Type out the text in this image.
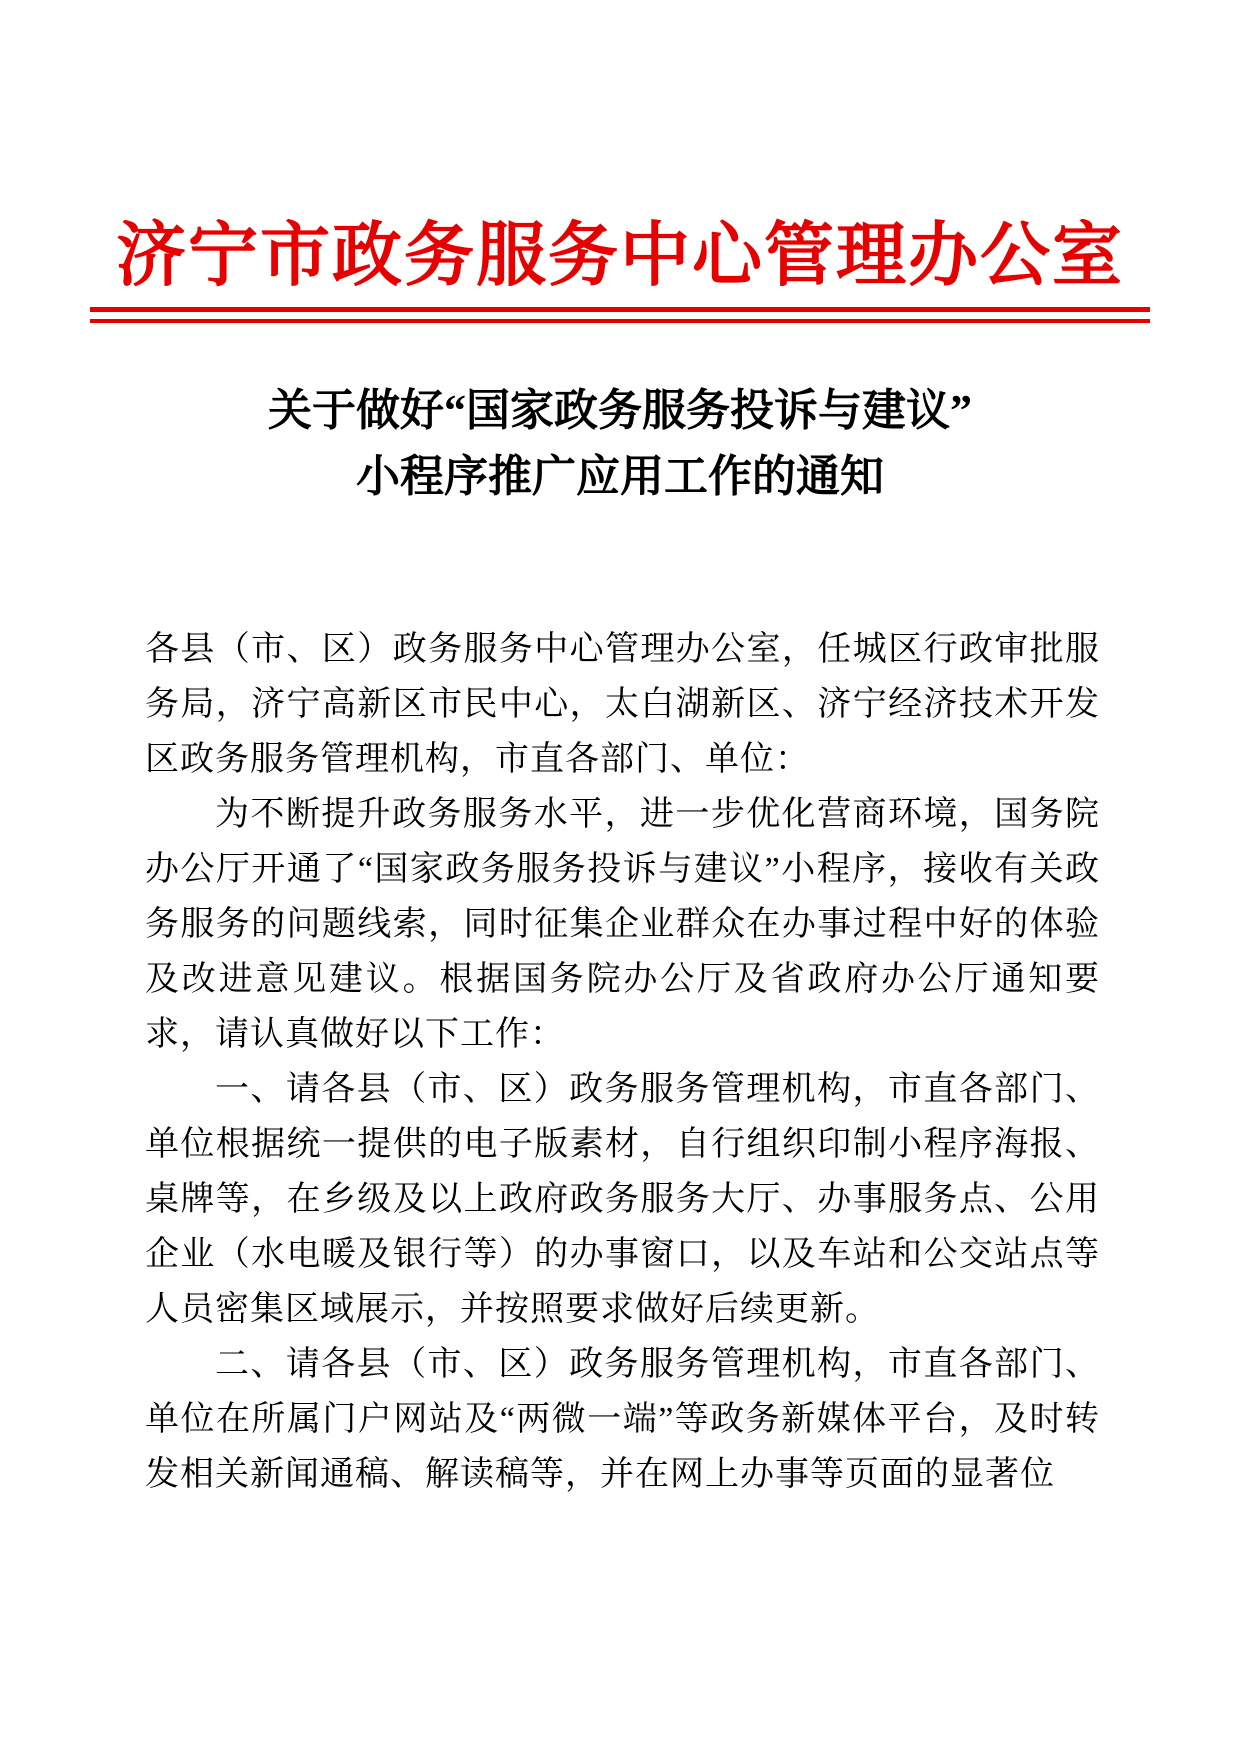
济宁市政务服务中心管理办公室
关于做好“国家政务服务投诉与建议”
小程序推广应用工作的通知

各县（市、区）政务服务中心管理办公室，任城区行政审批服务局，济宁高新区市民中心，太白湖新区、济宁经济技术开发区政务服务管理机构，市直各部门、单位：

为不断提升政务服务水平，进一步优化营商环境，国务院办公厅开通了“国家政务服务投诉与建议”小程序，接收有关政务服务的问题线索，同时征集企业群众在办事过程中好的体验及改进意见建议。根据国务院办公厅及省政府办公厅通知要求，请认真做好以下工作：

一、请各县（市、区）政务服务管理机构，市直各部门、单位根据统一提供的电子版素材，自行组织印制小程序海报、桌牌等，在乡级及以上政府政务服务大厅、办事服务点、公用企业（水电暖及银行等）的办事窗口，以及车站和公交站点等人员密集区域展示，并按照要求做好后续更新。

二、请各县（市、区）政务服务管理机构，市直各部门、单位在所属门户网站及“两微一端”等政务新媒体平台，及时转发相关新闻通稿、解读稿等，并在网上办事等页面的显著位
